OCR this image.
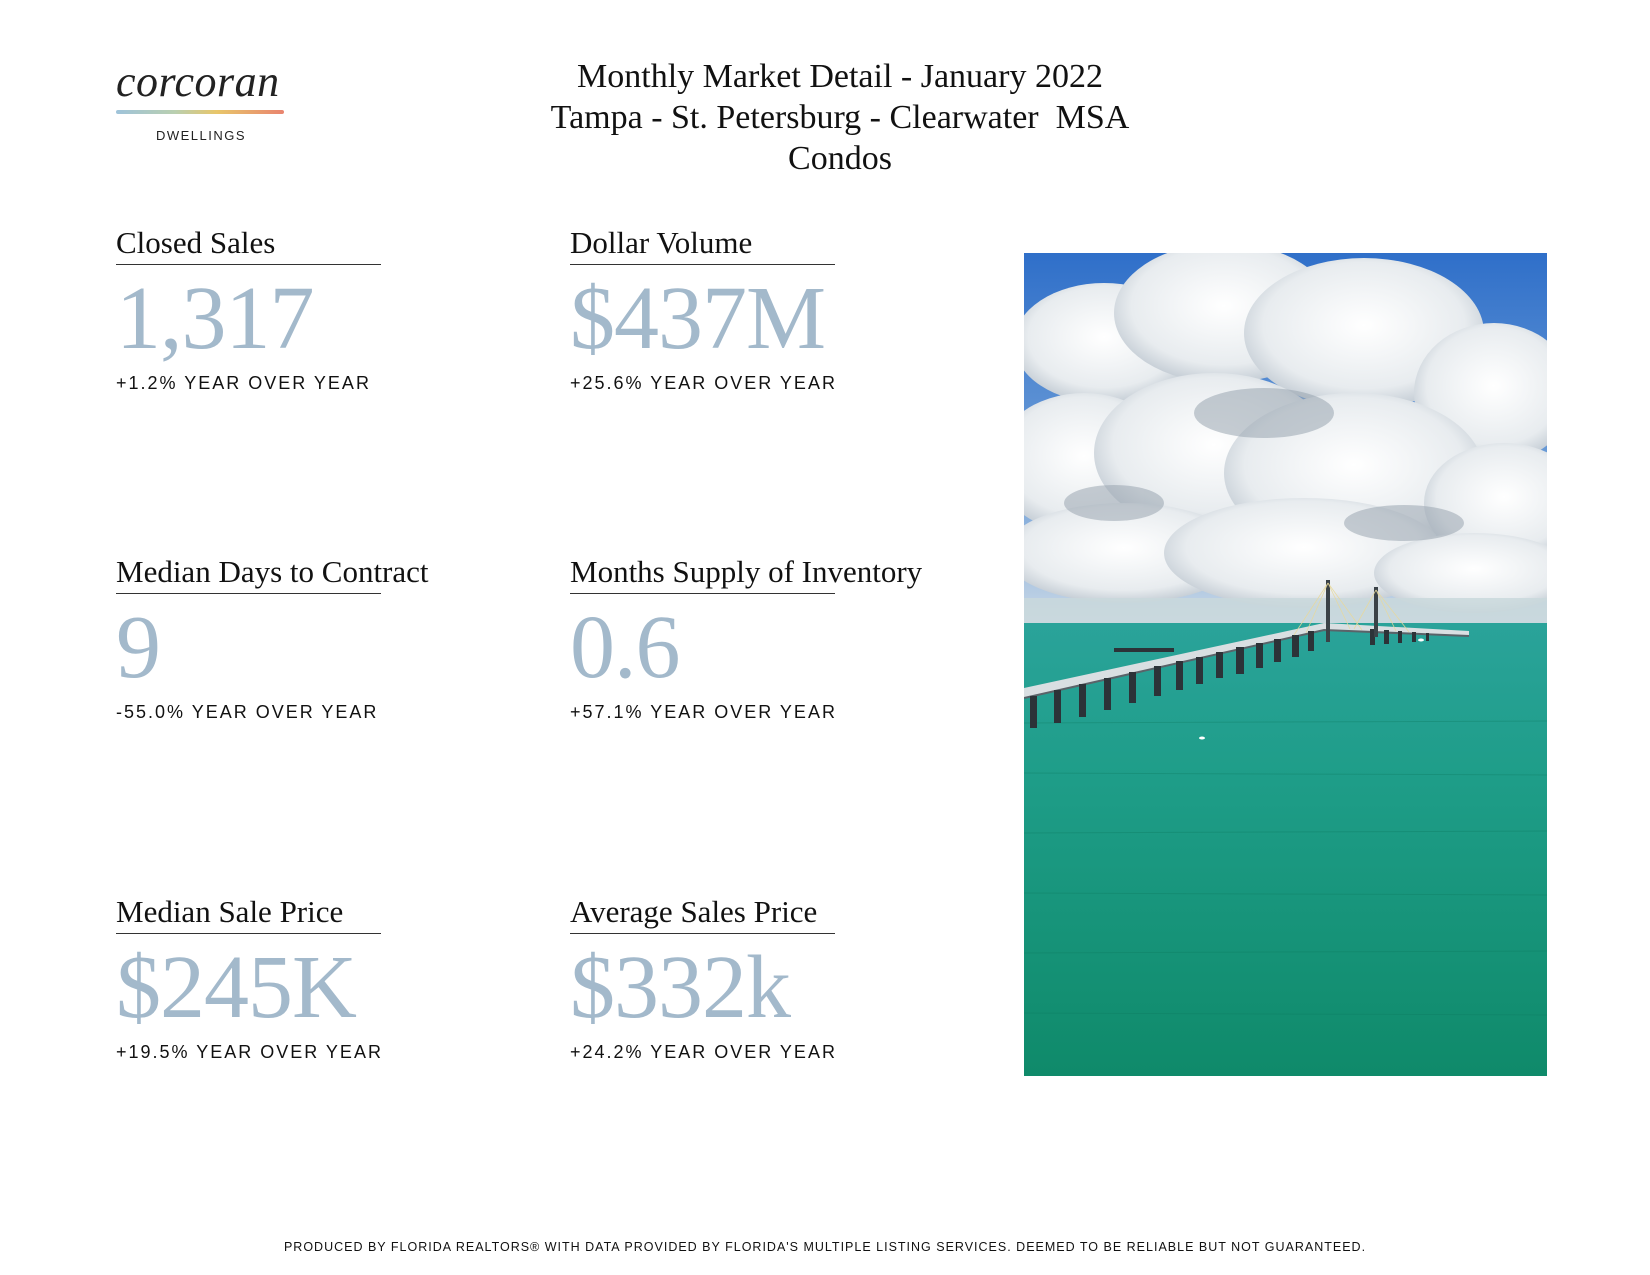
corcoran
DWELLINGS
Monthly Market Detail - January 2022
Tampa - St. Petersburg - Clearwater  MSA
Condos
Closed Sales
1,317
+1.2% YEAR OVER YEAR
Dollar Volume
$437M
+25.6% YEAR OVER YEAR
Median Days to Contract
9
-55.0% YEAR OVER YEAR
Months Supply of Inventory
0.6
+57.1% YEAR OVER YEAR
Median Sale Price
$245K
+19.5% YEAR OVER YEAR
Average Sales Price
$332k
+24.2% YEAR OVER YEAR
PRODUCED BY FLORIDA REALTORS® WITH DATA PROVIDED BY FLORIDA'S MULTIPLE LISTING SERVICES. DEEMED TO BE RELIABLE BUT NOT GUARANTEED.
